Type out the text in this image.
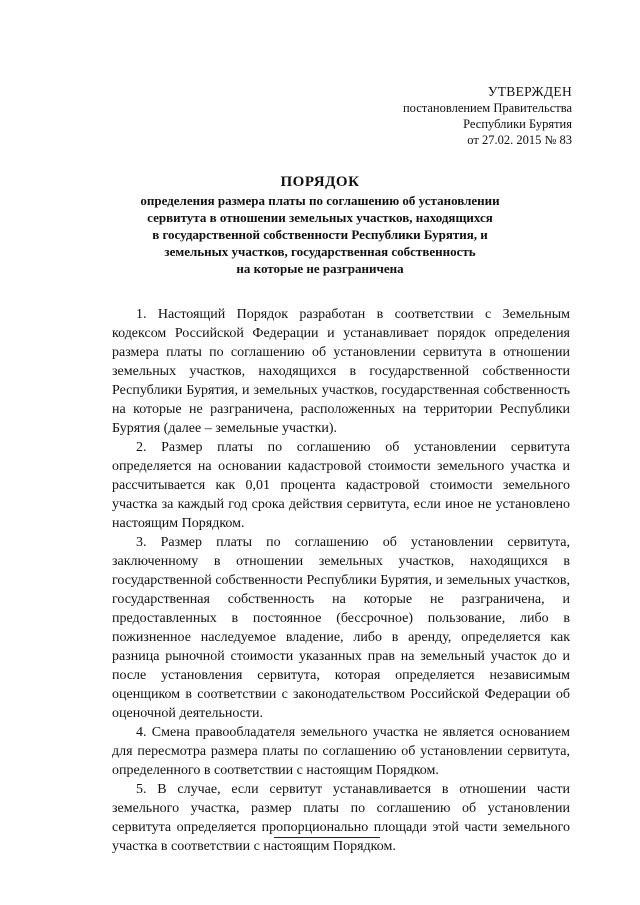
УТВЕРЖДЕН
постановлением Правительства
Республики Бурятия
от 27.02. 2015 № 83
ПОРЯДОК
определения размера платы по соглашению об установлении
сервитута в отношении земельных участков, находящихся
в государственной собственности Республики Бурятия, и
земельных участков, государственная собственность
на которые не разграничена

1. Настоящий Порядок разработан в соответствии с Земельным кодексом Российской Федерации и устанавливает порядок определения размера платы по соглашению об установлении сервитута в отношении земельных участков, находящихся в государственной собственности Республики Бурятия, и земельных участков, государственная собственность на которые не разграничена, расположенных на территории Республики Бурятия (далее – земельные участки).

2. Размер платы по соглашению об установлении сервитута определяется на основании кадастровой стоимости земельного участка и рассчитывается как 0,01 процента кадастровой стоимости земельного участка за каждый год срока действия сервитута, если иное не установлено настоящим Порядком.

3. Размер платы по соглашению об установлении сервитута, заключенному в отношении земельных участков, находящихся в государственной собственности Республики Бурятия, и земельных участков, государственная собственность на которые не разграничена, и предоставленных в постоянное (бессрочное) пользование, либо в пожизненное наследуемое владение, либо в аренду, определяется как разница рыночной стоимости указанных прав на земельный участок до и после установления сервитута, которая определяется независимым оценщиком в соответствии с законодательством Российской Федерации об оценочной деятельности.

4. Смена правообладателя земельного участка не является основанием для пересмотра размера платы по соглашению об установлении сервитута, определенного в соответствии с настоящим Порядком.

5. В случае, если сервитут устанавливается в отношении части земельного участка, размер платы по соглашению об установлении сервитута определяется пропорционально площади этой части земельного участка в соответствии с настоящим Порядком.
